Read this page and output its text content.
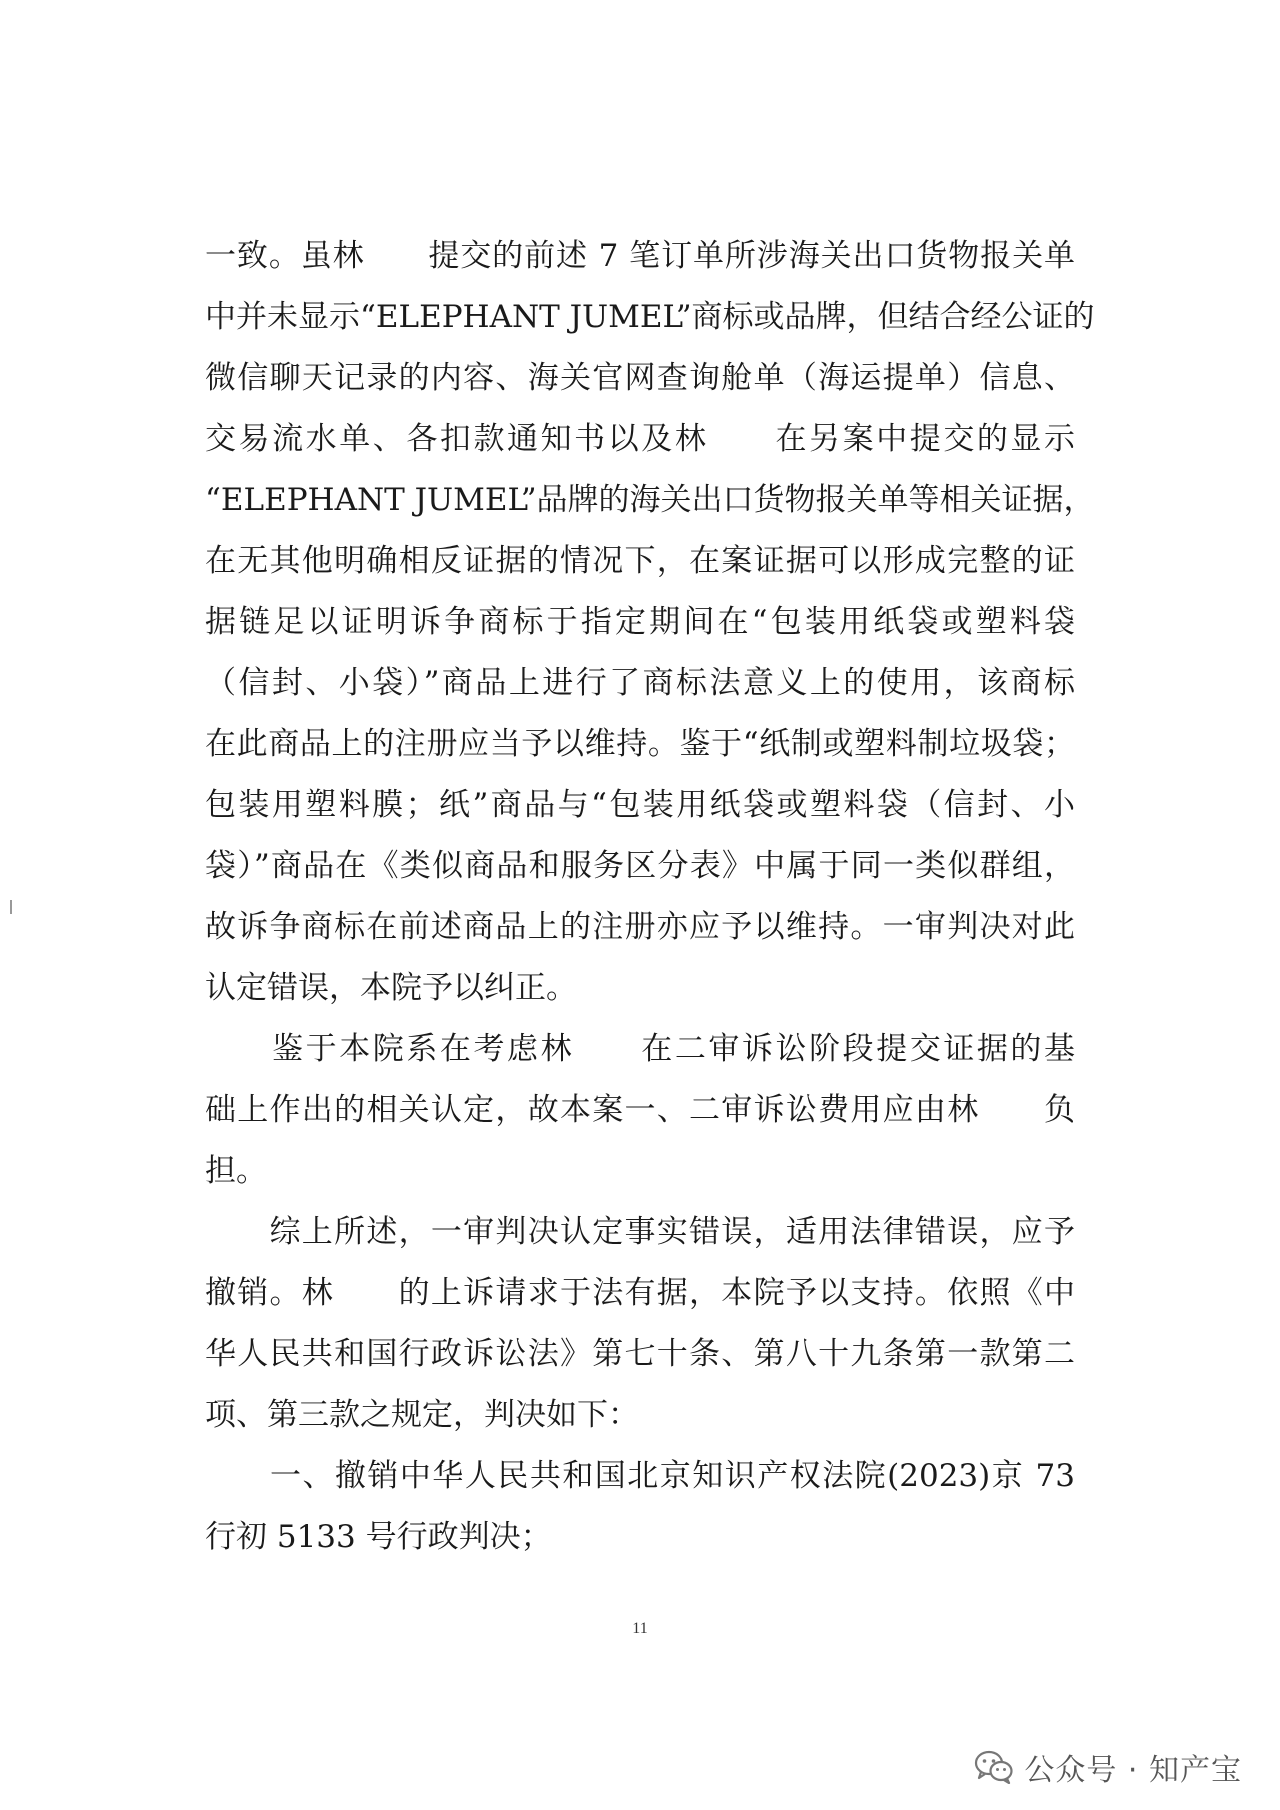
一致。虽林　　提交的前述 7 笔订单所涉海关出口货物报关单
中并未显示“ELEPHANT JUMEL”商标或品牌，但结合经公证的
微信聊天记录的内容、海关官网查询舱单（海运提单）信息、
交易流水单、各扣款通知书以及林　　在另案中提交的显示
“ELEPHANT JUMEL”品牌的海关出口货物报关单等相关证据，
在无其他明确相反证据的情况下，在案证据可以形成完整的证
据链足以证明诉争商标于指定期间在“包装用纸袋或塑料袋
（信封、小袋）”商品上进行了商标法意义上的使用，该商标
在此商品上的注册应当予以维持。鉴于“纸制或塑料制垃圾袋；
包装用塑料膜；纸”商品与“包装用纸袋或塑料袋（信封、小
袋）”商品在《类似商品和服务区分表》中属于同一类似群组，
故诉争商标在前述商品上的注册亦应予以维持。一审判决对此
认定错误，本院予以纠正。
　　鉴于本院系在考虑林　　在二审诉讼阶段提交证据的基
础上作出的相关认定，故本案一、二审诉讼费用应由林　　负
担。
　　综上所述，一审判决认定事实错误，适用法律错误，应予
撤销。林　　的上诉请求于法有据，本院予以支持。依照《中
华人民共和国行政诉讼法》第七十条、第八十九条第一款第二
项、第三款之规定，判决如下：
　　一、撤销中华人民共和国北京知识产权法院(2023)京 73
行初 5133 号行政判决；
11
公众号 · 知产宝
